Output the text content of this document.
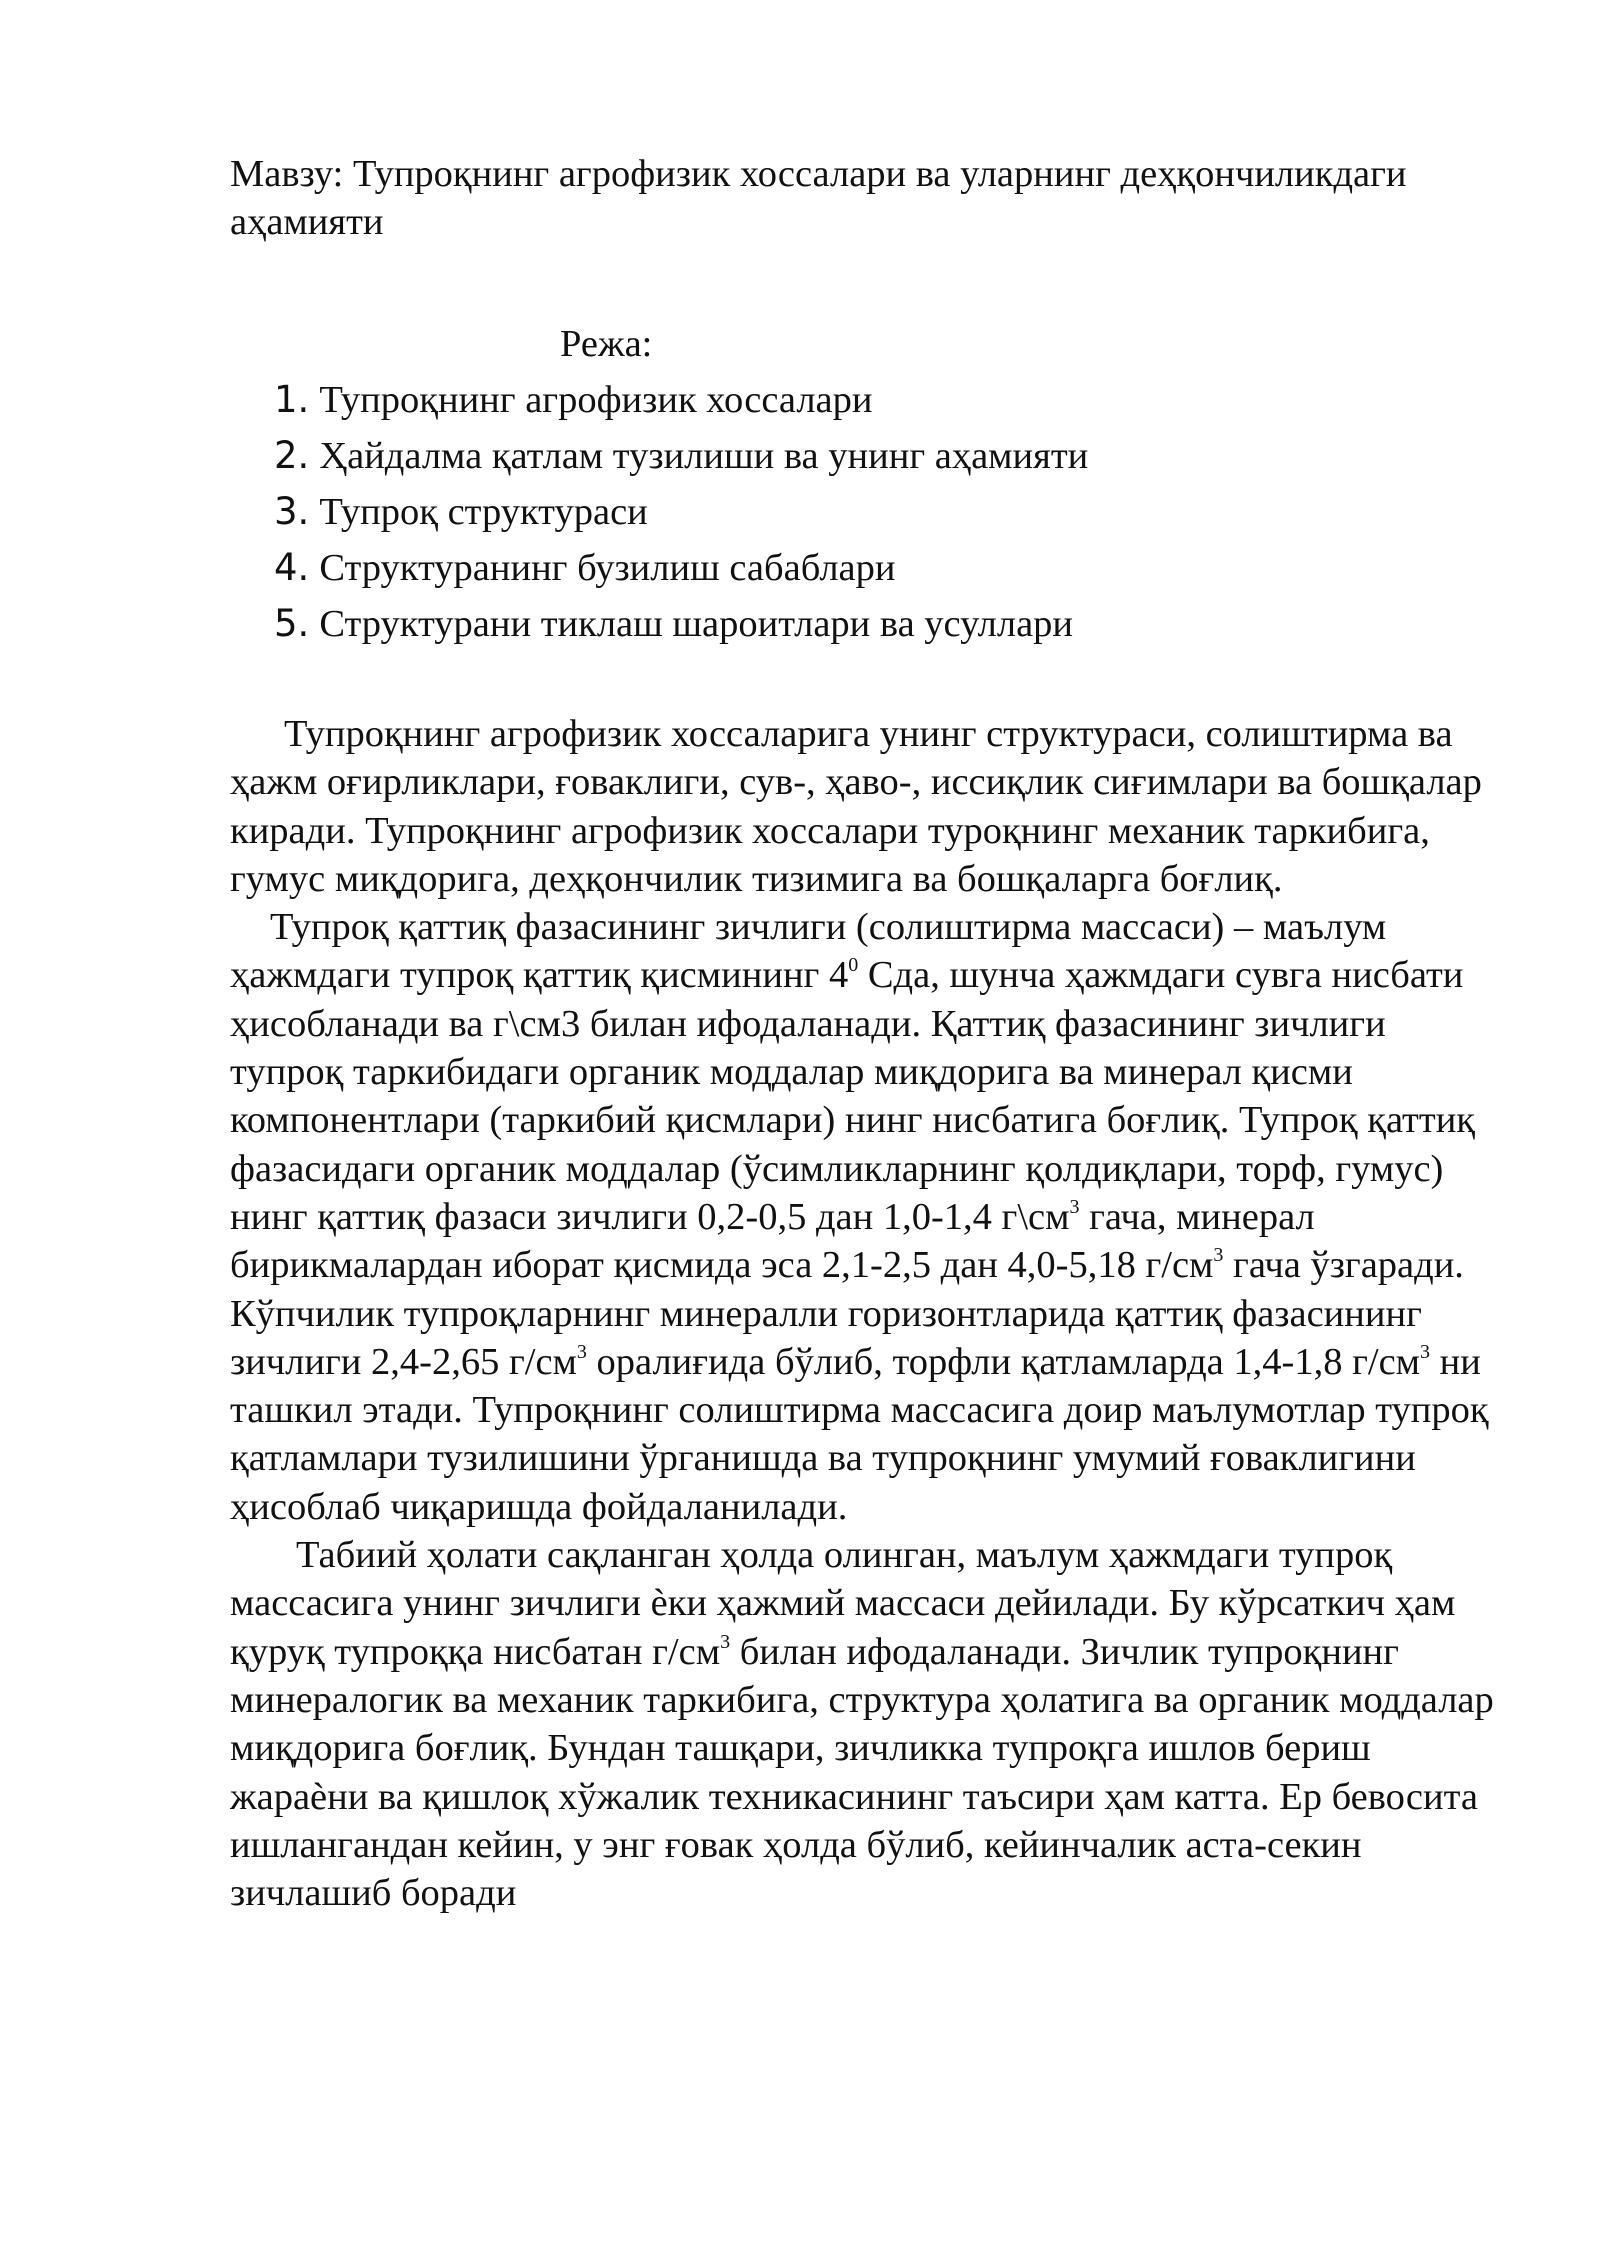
Мавзу: Тупроқнинг агрофизик хоссалари ва уларнинг деҳқончиликдаги аҳамияти
Режа:
1. Тупроқнинг агрофизик хоссалари
2. Ҳайдалма қатлам тузилиши ва унинг аҳамияти
3. Тупроқ структураси
4. Структуранинг бузилиш сабаблари
5. Структурани тиклаш шароитлари ва усуллари

Тупроқнинг агрофизик хоссаларига унинг структураси, солиштирма ва ҳажм оғирликлари, ғоваклиги, сув-, ҳаво-, иссиқлик сиғимлари ва бошқалар киради. Тупроқнинг агрофизик хоссалари туроқнинг механик таркибига, гумус миқдорига, деҳқончилик тизимига ва бошқаларга боғлиқ.

Тупроқ қаттиқ фазасининг зичлиги (солиштирма массаси) – маълум ҳажмдаги тупроқ қаттиқ қисмининг $4^0$ Сда, шунча ҳажмдаги сувга нисбати ҳисобланади ва г\см3 билан ифодаланади. Қаттиқ фазасининг зичлиги тупроқ таркибидаги органик моддалар миқдорига ва минерал қисми компонентлари (таркибий қисмлари) нинг нисбатига боғлиқ. Тупроқ қаттиқ фазасидаги органик моддалар (ўсимликларнинг қолдиқлари, торф, гумус) нинг қаттиқ фазаси зичлиги 0,2-0,5 дан 1,0-1,4 $г\backslash см^3$ гача, минерал бирикмалардан иборат қисмида эса 2,1-2,5 дан 4,0-5,18 $г/см^3$ гача ўзгаради. Кўпчилик тупроқларнинг минералли горизонтларида қаттиқ фазасининг зичлиги 2,4-2,65 $г/см^3$ оралиғида бўлиб, торфли қатламларда 1,4-1,8 $г/см^3$ ни ташкил этади. Тупроқнинг солиштирма массасига доир маълумотлар тупроқ қатламлари тузилишини ўрганишда ва тупроқнинг умумий ғоваклигини ҳисоблаб чиқаришда фойдаланилади.

Табиий ҳолати сақланган ҳолда олинган, маълум ҳажмдаги тупроқ массасига унинг зичлиги ѐки ҳажмий массаси дейилади. Бу кўрсаткич ҳам қуруқ тупроққа нисбатан $г/см^3$ билан ифодаланади. Зичлик тупроқнинг минералогик ва механик таркибига, структура ҳолатига ва органик моддалар миқдорига боғлиқ. Бундан ташқари, зичликка тупроқга ишлов бериш жараѐни ва қишлоқ хўжалик техникасининг таъсири ҳам катта. Ер бевосита ишлангандан кейин, у энг ғовак ҳолда бўлиб, кейинчалик аста-секин зичлашиб боради
